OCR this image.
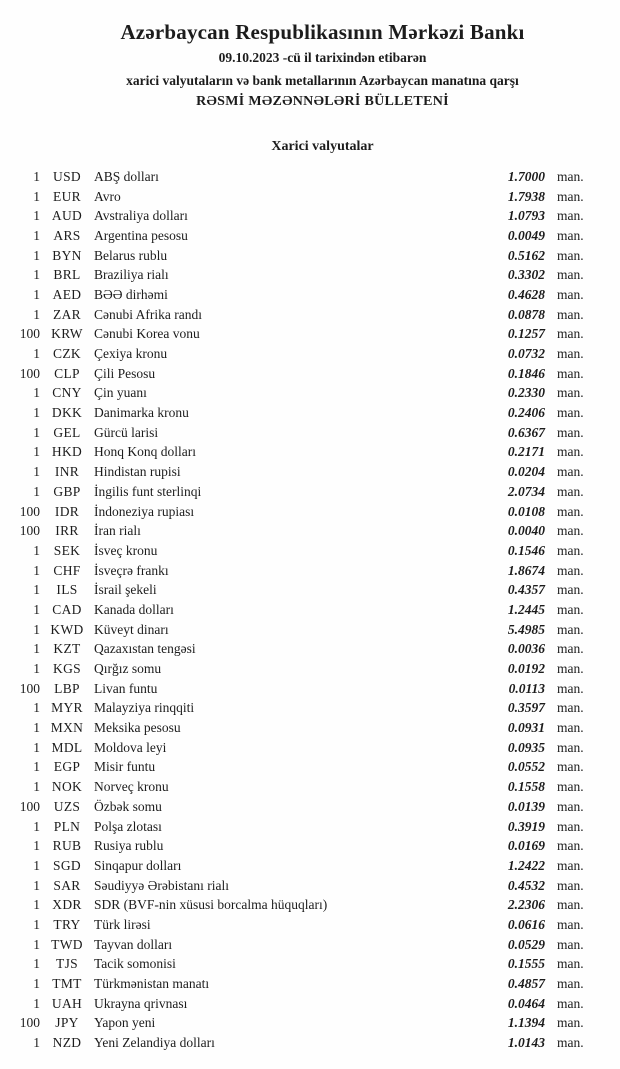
Azərbaycan Respublikasının Mərkəzi Bankı
09.10.2023 -cü il tarixindən etibarən
xarici valyutaların və bank metallarının Azərbaycan manatına qarşı
RƏSMİ MƏZƏNNƏLƏRİ BÜLLETENİ
Xarici valyutalar
1 USD ABŞ dolları	1.7000 man.
1 EUR Avro	1.7938 man.
1 AUD Avstraliya dolları	1.0793 man.
1 ARS Argentina pesosu	0.0049 man.
1 BYN Belarus rublu	0.5162 man.
1 BRL Braziliya rialı	0.3302 man.
1 AED BƏƏ dirhəmi	0.4628 man.
1 ZAR Cənubi Afrika randı	0.0878 man.
100 KRW Cənubi Korea vonu	0.1257 man.
1 CZK Çexiya kronu	0.0732 man.
100	CLP	Çili Pesosu	0.1846 man.
1 CNY Çin yuanı	0.2330 man.
1 DKK Danimarka kronu	0.2406 man.
1 GEL Gürcü larisi	0.6367 man.
1 HKD Honq Konq dolları	0.2171 man.
1	INR	Hindistan rupisi	0.0204 man.
1 GBP İngilis funt sterlinqi	2.0734 man.
100	IDR	İndoneziya rupiası	0.0108 man.
100	IRR	İran rialı	0.0040 man.
1	SEK	İsveç kronu	0.1546 man.
1 CHF İsveçrə frankı	1.8674 man.
1	ILS	İsrail şekeli	0.4357 man.
1 CAD Kanada dolları	1.2445 man.
1 KWD Küveyt dinarı	5.4985 man.
1 KZT Qazaxıstan tengəsi	0.0036 man.
1 KGS Qırğız somu	0.0192 man.
100	LBP	Livan funtu	0.0113 man.
1 MYR Malayziya rinqqiti	0.3597 man.
1 MXN Meksika pesosu	0.0931 man.
1 MDL Moldova leyi	0.0935 man.
1	EGP	Misir funtu	0.0552 man.
1 NOK Norveç kronu	0.1558 man.
100	UZS	Özbək somu	0.0139 man.
1	PLN	Polşa zlotası	0.3919 man.
1 RUB Rusiya rublu	0.0169 man.
1 SGD Sinqapur dolları	1.2422 man.
1 SAR Səudiyyə Ərəbistanı rialı	0.4532 man.
1 XDR SDR (BVF-nin xüsusi borcalma hüquqları)	2.2306 man.
1 TRY Türk lirəsi	0.0616 man.
1 TWD Tayvan dolları	0.0529 man.
1	TJS	Tacik somonisi	0.1555 man.
1 TMT Türkmənistan manatı	0.4857 man.
1 UAH Ukrayna qrivnası	0.0464 man.
100	JPY	Yapon yeni	1.1394 man.
1 NZD Yeni Zelandiya dolları	1.0143 man.
